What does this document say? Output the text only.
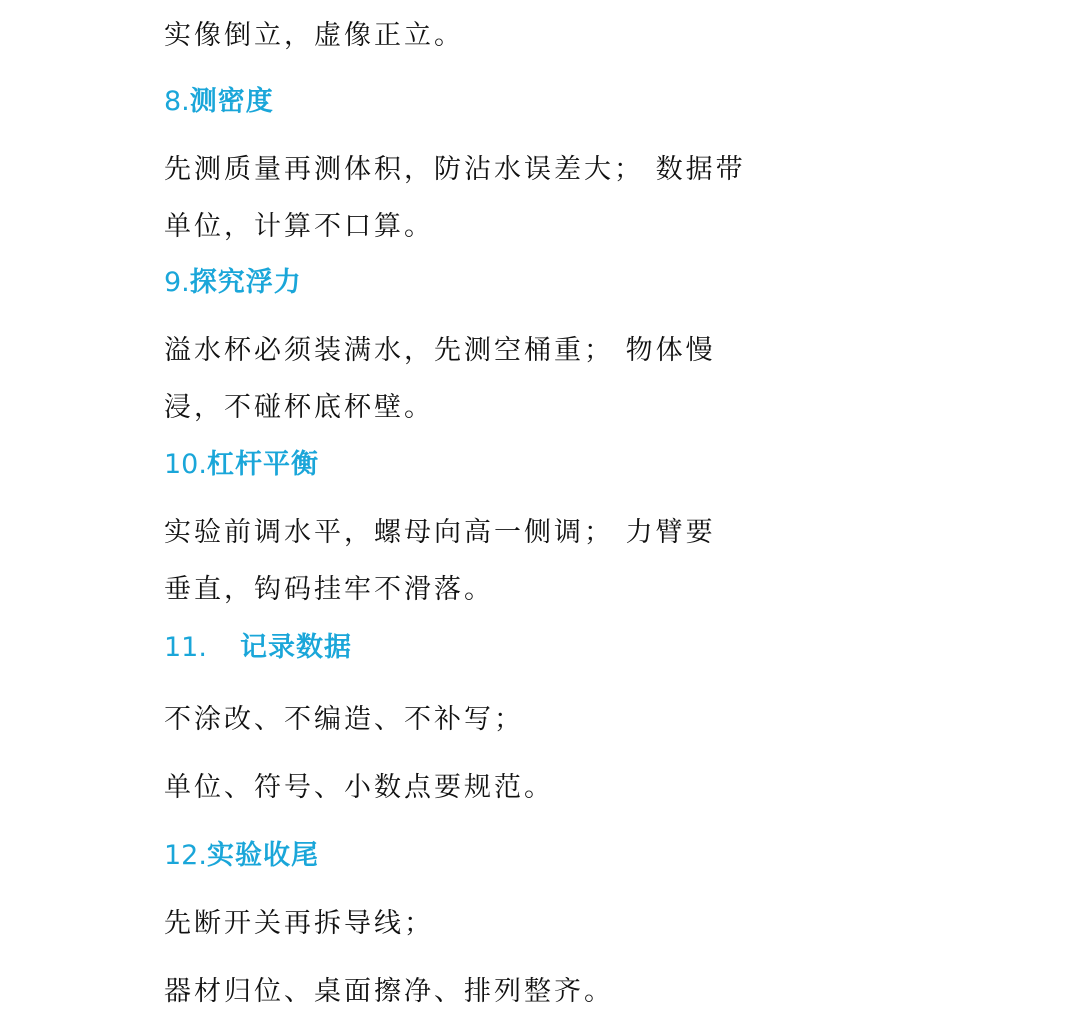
实像倒立，虚像正立。
8.测密度
先测质量再测体积，防沾水误差大； 数据带
单位，计算不口算。
9.探究浮力
溢水杯必须装满水，先测空桶重； 物体慢
浸，不碰杯底杯壁。
10.杠杆平衡
实验前调水平，螺母向高一侧调； 力臂要
垂直，钩码挂牢不滑落。
11. 记录数据
不涂改、不编造、不补写；
单位、符号、小数点要规范。
12.实验收尾
先断开关再拆导线；
器材归位、桌面擦净、排列整齐。
